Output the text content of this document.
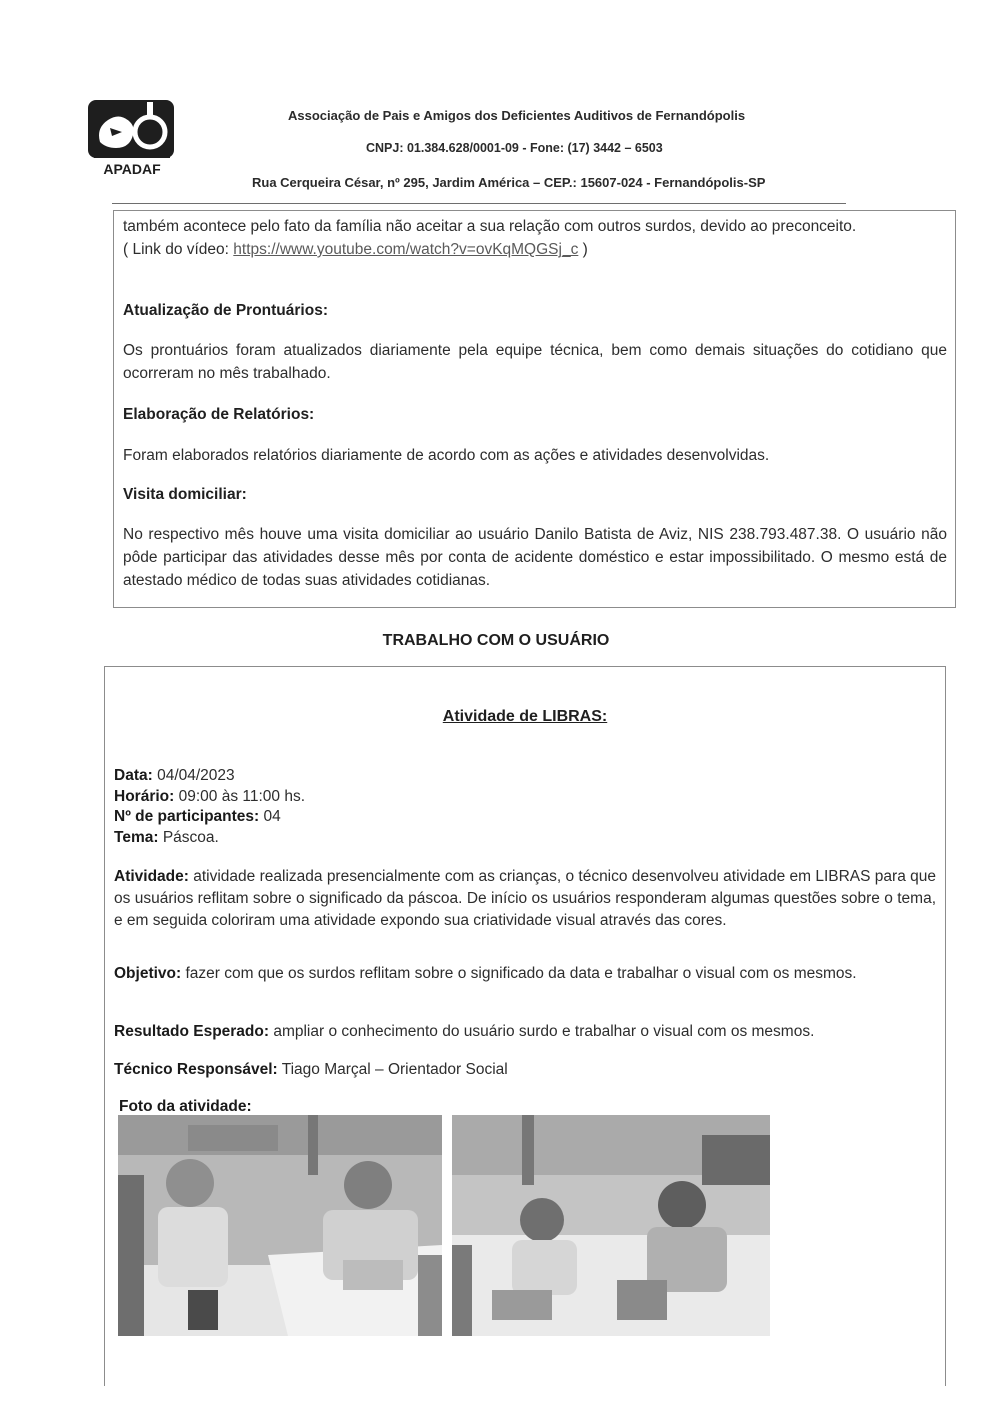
APADAF
Associação de Pais e Amigos dos Deficientes Auditivos de Fernandópolis
CNPJ: 01.384.628/0001-09 - Fone: (17) 3442 – 6503
Rua Cerqueira César, nº 295, Jardim América – CEP.: 15607-024 - Fernandópolis-SP
também acontece pelo fato da família não aceitar a sua relação com outros surdos, devido ao preconceito.
( Link do vídeo: https://www.youtube.com/watch?v=ovKqMQGSj_c )
Atualização de Prontuários:
Os prontuários foram atualizados diariamente pela equipe técnica, bem como demais situações do cotidiano que ocorreram no mês trabalhado.
Elaboração de Relatórios:
Foram elaborados relatórios diariamente de acordo com as ações e atividades desenvolvidas.
Visita domiciliar:
No respectivo mês houve uma visita domiciliar ao usuário Danilo Batista de Aviz, NIS 238.793.487.38. O usuário não pôde participar das atividades desse mês por conta de acidente doméstico e estar impossibilitado. O mesmo está de atestado médico de todas suas atividades cotidianas.
TRABALHO COM O USUÁRIO
Atividade de LIBRAS:
Data: 04/04/2023
Horário: 09:00 às 11:00 hs.
Nº de participantes: 04
Tema: Páscoa.
Atividade: atividade realizada presencialmente com as crianças, o técnico desenvolveu atividade em LIBRAS para que os usuários reflitam sobre o significado da páscoa. De início os usuários responderam algumas questões sobre o tema, e em seguida coloriram uma atividade expondo sua criatividade visual através das cores.
Objetivo: fazer com que os surdos reflitam sobre o significado da data e trabalhar o visual com os mesmos.
Resultado Esperado: ampliar o conhecimento do usuário surdo e trabalhar o visual com os mesmos.
Técnico Responsável: Tiago Marçal – Orientador Social
Foto da atividade:
